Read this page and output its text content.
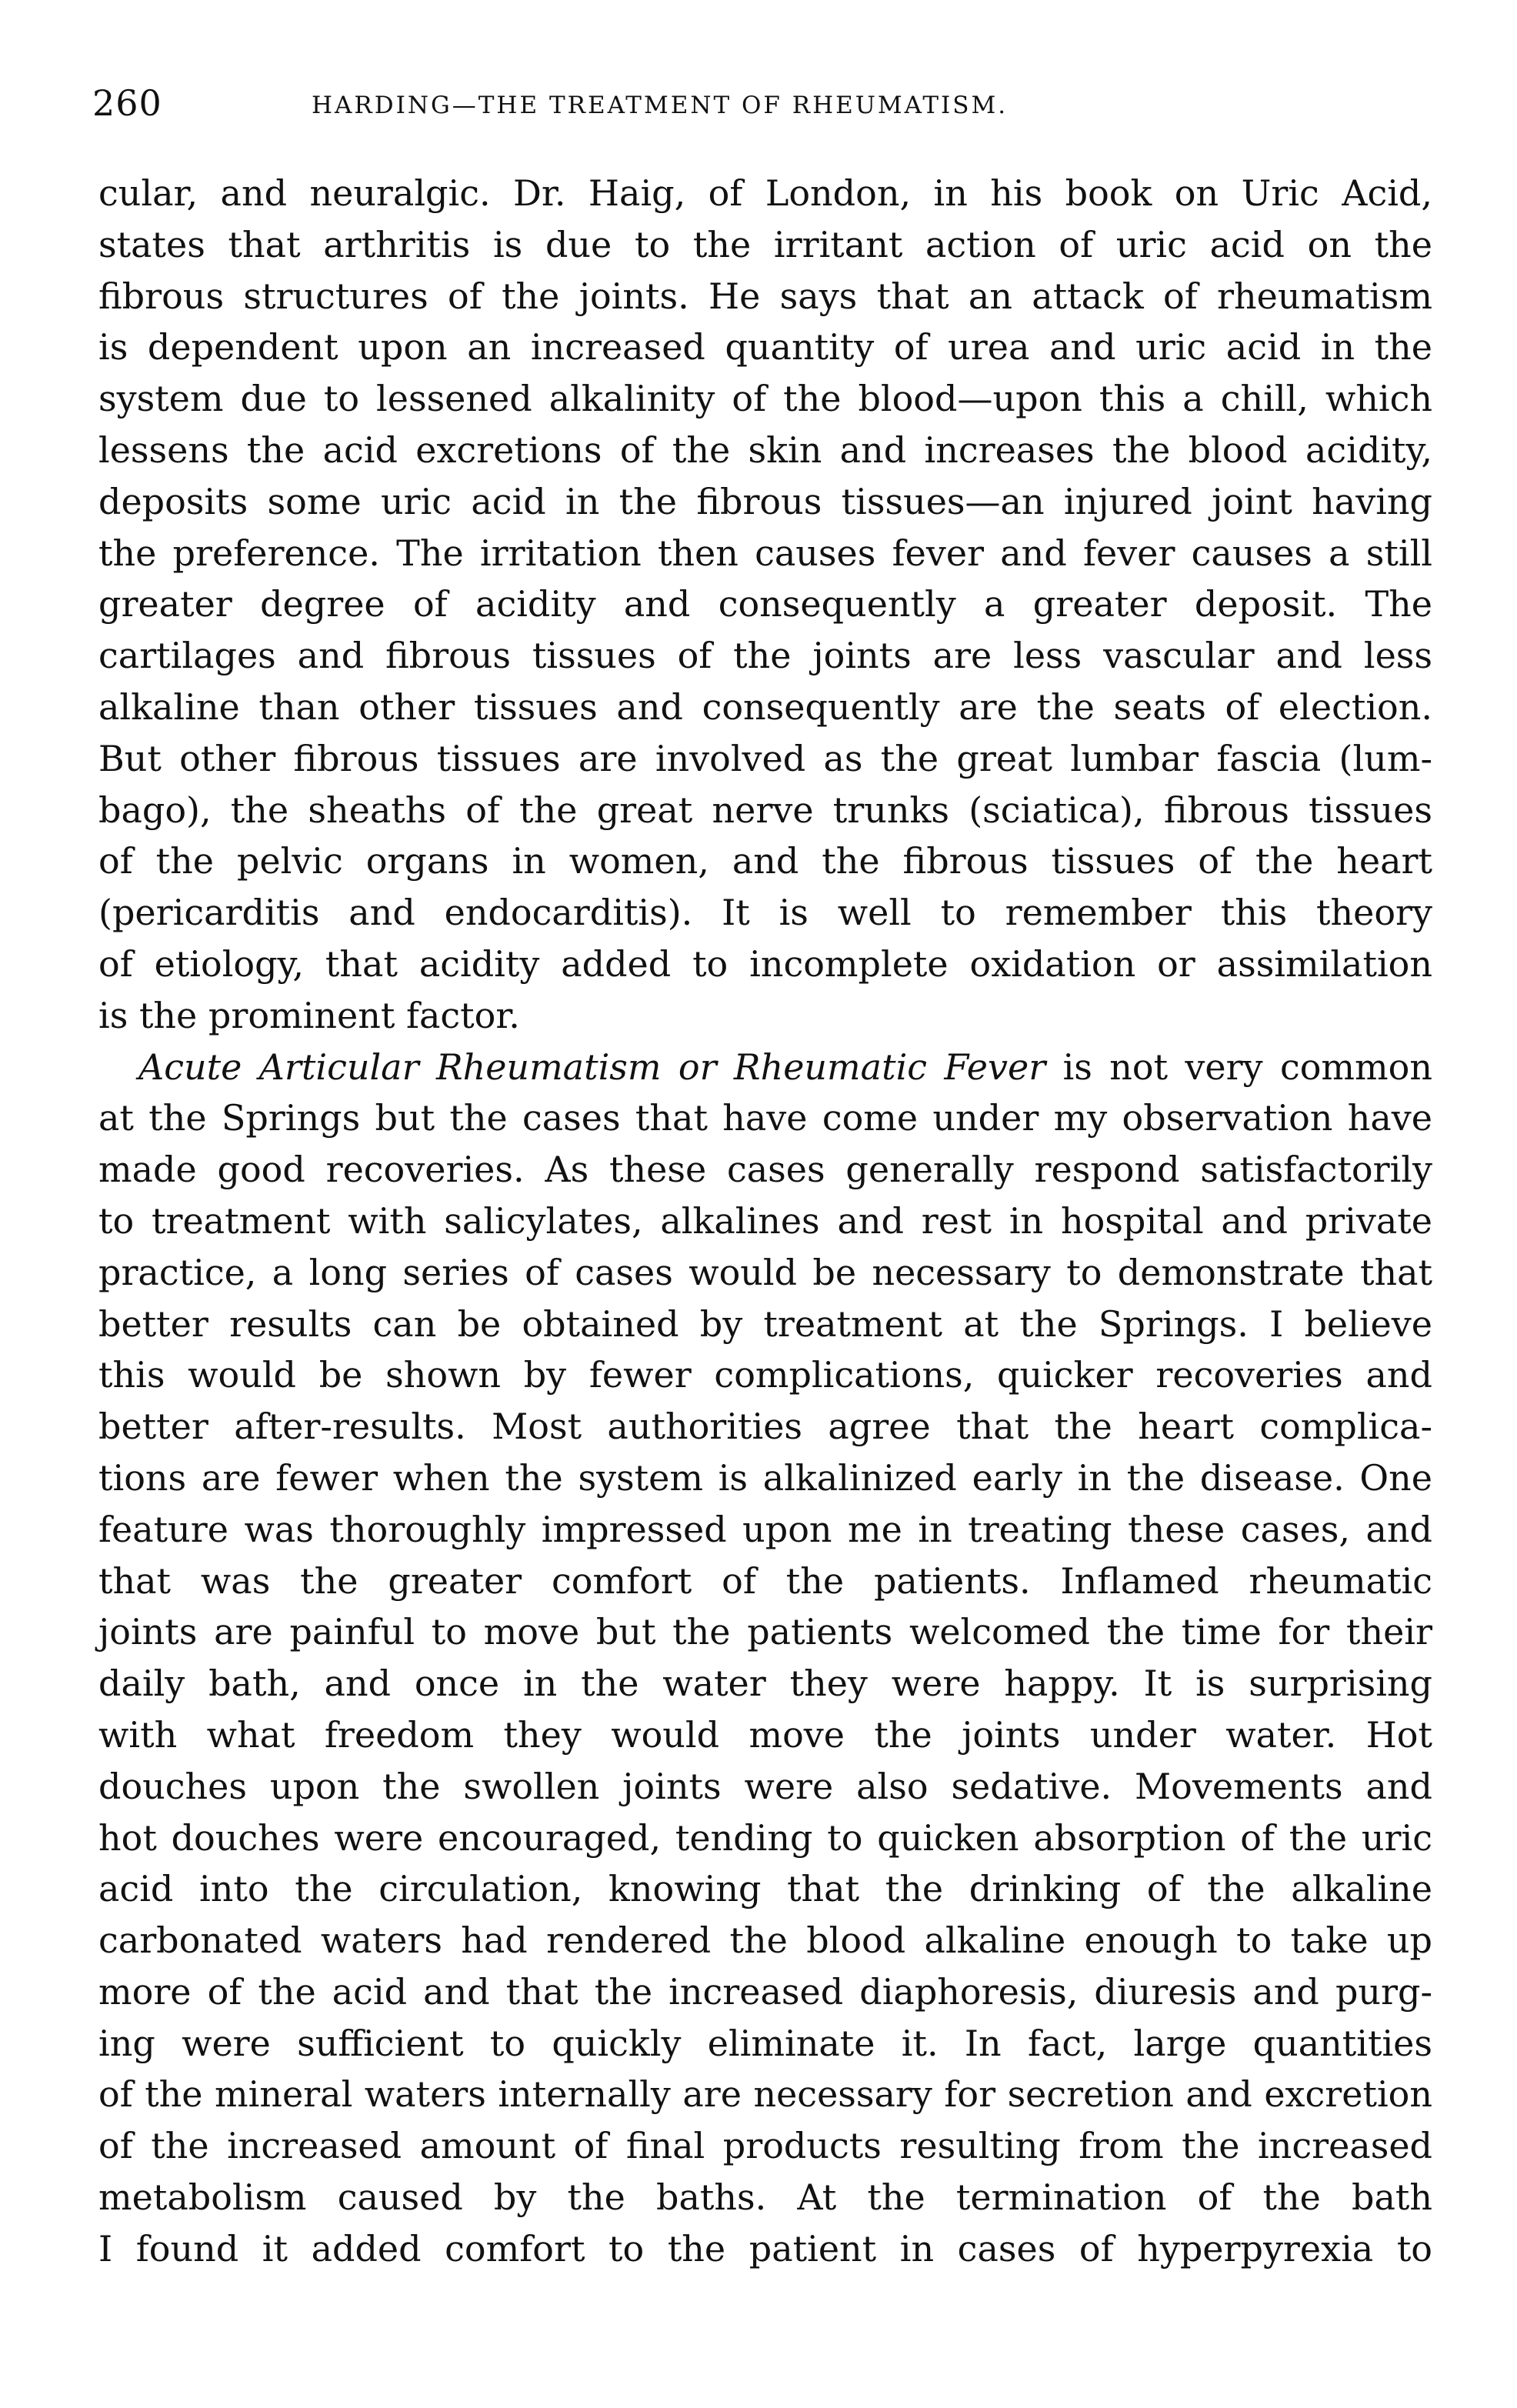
260	HARDING—THE TREATMENT OF RHEUMATISM.
cular, and neuralgic. Dr. Haig, of London, in his book on Uric Acid,
states that arthritis is due to the irritant action of uric acid on the
fibrous structures of the joints. He says that an attack of rheumatism
is dependent upon an increased quantity of urea and uric acid in the
system due to lessened alkalinity of the blood—upon this a chill, which
lessens the acid excretions of the skin and increases the blood acidity,
deposits some uric acid in the fibrous tissues—an injured joint having
the preference. The irritation then causes fever and fever causes a still
greater degree of acidity and consequently a greater deposit. The
cartilages and fibrous tissues of the joints are less vascular and less
alkaline than other tissues and consequently are the seats of election.
But other fibrous tissues are involved as the great lumbar fascia (lum-
bago), the sheaths of the great nerve trunks (sciatica), fibrous tissues
of the pelvic organs in women, and the fibrous tissues of the heart
(pericarditis and endocarditis). It is well to remember this theory
of etiology, that acidity added to incomplete oxidation or assimilation
is the prominent factor.
Acute Articular Rheumatism or Rheumatic Fever is not very common
at the Springs but the cases that have come under my observation have
made good recoveries. As these cases generally respond satisfactorily
to treatment with salicylates, alkalines and rest in hospital and private
practice, a long series of cases would be necessary to demonstrate that
better results can be obtained by treatment at the Springs. I believe
this would be shown by fewer complications, quicker recoveries and
better after-results. Most authorities agree that the heart complica-
tions are fewer when the system is alkalinized early in the disease. One
feature was thoroughly impressed upon me in treating these cases, and
that was the greater comfort of the patients. Inflamed rheumatic
joints are painful to move but the patients welcomed the time for their
daily bath, and once in the water they were happy. It is surprising
with what freedom they would move the joints under water. Hot
douches upon the swollen joints were also sedative. Movements and
hot douches were encouraged, tending to quicken absorption of the uric
acid into the circulation, knowing that the drinking of the alkaline
carbonated waters had rendered the blood alkaline enough to take up
more of the acid and that the increased diaphoresis, diuresis and purg-
ing were sufficient to quickly eliminate it. In fact, large quantities
of the mineral waters internally are necessary for secretion and excretion
of the increased amount of final products resulting from the increased
metabolism caused by the baths. At the termination of the bath
I found it added comfort to the patient in cases of hyperpyrexia to
